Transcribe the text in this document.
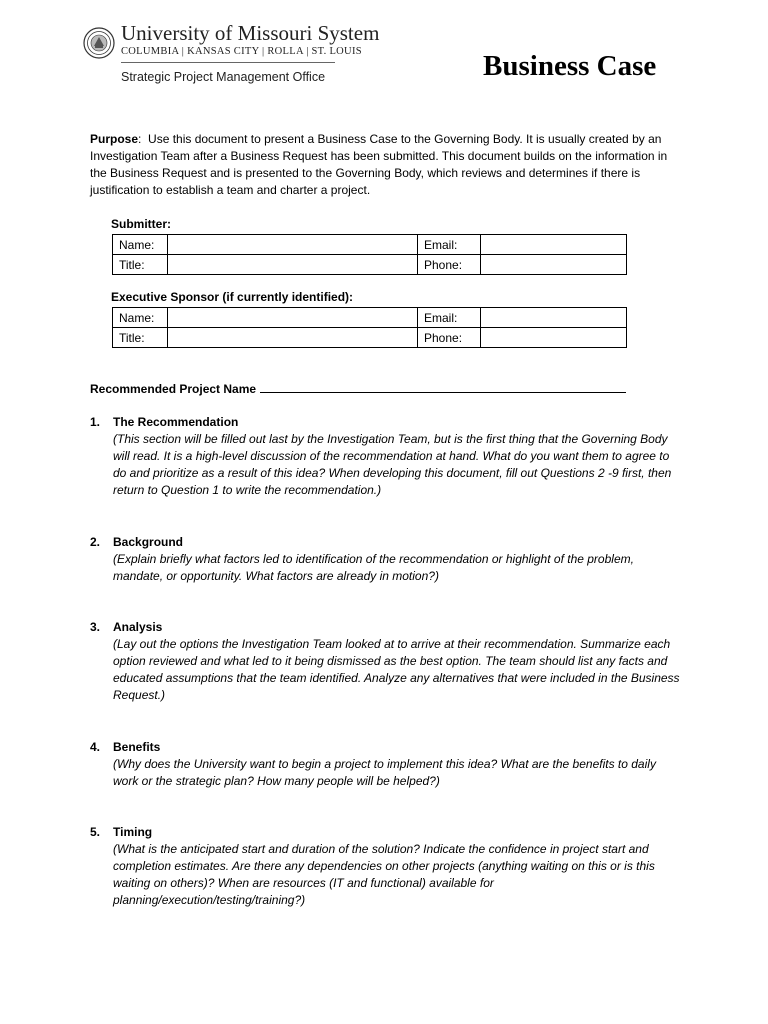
University of Missouri System
COLUMBIA | KANSAS CITY | ROLLA | ST. LOUIS
Strategic Project Management Office	Business Case
Purpose:  Use this document to present a Business Case to the Governing Body. It is usually created by an Investigation Team after a Business Request has been submitted. This document builds on the information in the Business Request and is presented to the Governing Body, which reviews and determines if there is justification to establish a team and charter a project.
Submitter:
Name:		Email:	
Title:		Phone:	
Executive Sponsor (if currently identified):
Name:		Email:	
Title:		Phone:	
Recommended Project Name
1. The Recommendation
(This section will be filled out last by the Investigation Team, but is the first thing that the Governing Body will read. It is a high-level discussion of the recommendation at hand. What do you want them to agree to do and prioritize as a result of this idea? When developing this document, fill out Questions 2 -9 first, then return to Question 1 to write the recommendation.)
2. Background
(Explain briefly what factors led to identification of the recommendation or highlight of the problem, mandate, or opportunity. What factors are already in motion?)
3. Analysis
(Lay out the options the Investigation Team looked at to arrive at their recommendation. Summarize each option reviewed and what led to it being dismissed as the best option. The team should list any facts and educated assumptions that the team identified. Analyze any alternatives that were included in the Business Request.)
4. Benefits
(Why does the University want to begin a project to implement this idea? What are the benefits to daily work or the strategic plan? How many people will be helped?)
5. Timing
(What is the anticipated start and duration of the solution? Indicate the confidence in project start and completion estimates. Are there any dependencies on other projects (anything waiting on this or is this waiting on others)? When are resources (IT and functional) available for planning/execution/testing/training?)
